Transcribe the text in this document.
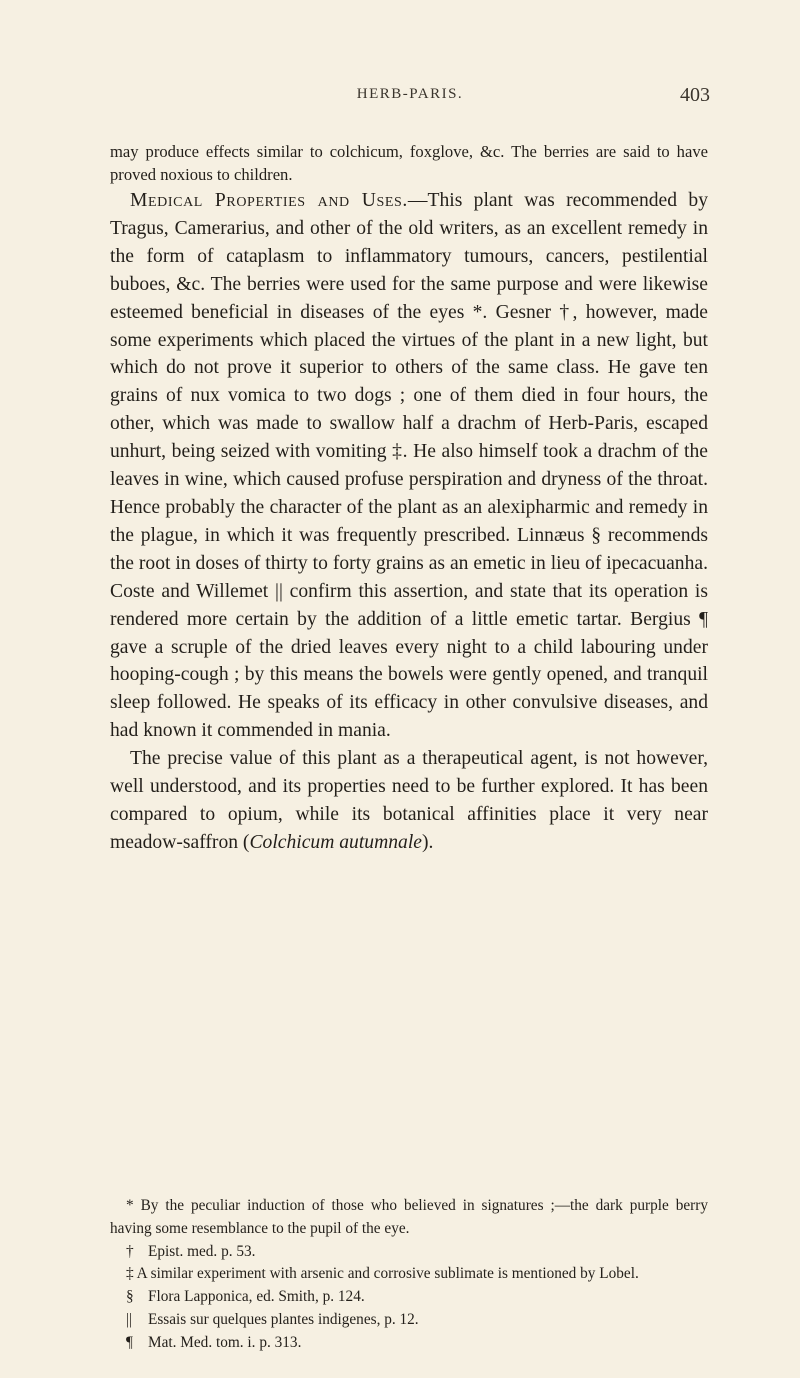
HERB-PARIS.	403

may produce effects similar to colchicum, foxglove, &c. The berries are said to have proved noxious to children.

Medical Properties and Uses.—This plant was recommended by Tragus, Camerarius, and other of the old writers, as an excellent remedy in the form of cataplasm to inflammatory tumours, cancers, pestilential buboes, &c. The berries were used for the same purpose and were likewise esteemed beneficial in diseases of the eyes *. Gesner †, however, made some experiments which placed the virtues of the plant in a new light, but which do not prove it superior to others of the same class. He gave ten grains of nux vomica to two dogs ; one of them died in four hours, the other, which was made to swallow half a drachm of Herb-Paris, escaped unhurt, being seized with vomiting ‡. He also himself took a drachm of the leaves in wine, which caused profuse perspiration and dryness of the throat. Hence probably the character of the plant as an alexipharmic and remedy in the plague, in which it was frequently prescribed. Linnæus § recommends the root in doses of thirty to forty grains as an emetic in lieu of ipecacuanha. Coste and Willemet || confirm this assertion, and state that its operation is rendered more certain by the addition of a little emetic tartar. Bergius ¶ gave a scruple of the dried leaves every night to a child labouring under hooping-cough ; by this means the bowels were gently opened, and tranquil sleep followed. He speaks of its efficacy in other convulsive diseases, and had known it commended in mania.

The precise value of this plant as a therapeutical agent, is not however, well understood, and its properties need to be further explored. It has been compared to opium, while its botanical affinities place it very near meadow-saffron (Colchicum autumnale).

* By the peculiar induction of those who believed in signatures ;—the dark purple berry having some resemblance to the pupil of the eye.

† Epist. med. p. 53.

‡ A similar experiment with arsenic and corrosive sublimate is mentioned by Lobel.

§ Flora Lapponica, ed. Smith, p. 124.

|| Essais sur quelques plantes indigenes, p. 12.

¶ Mat. Med. tom. i. p. 313.
